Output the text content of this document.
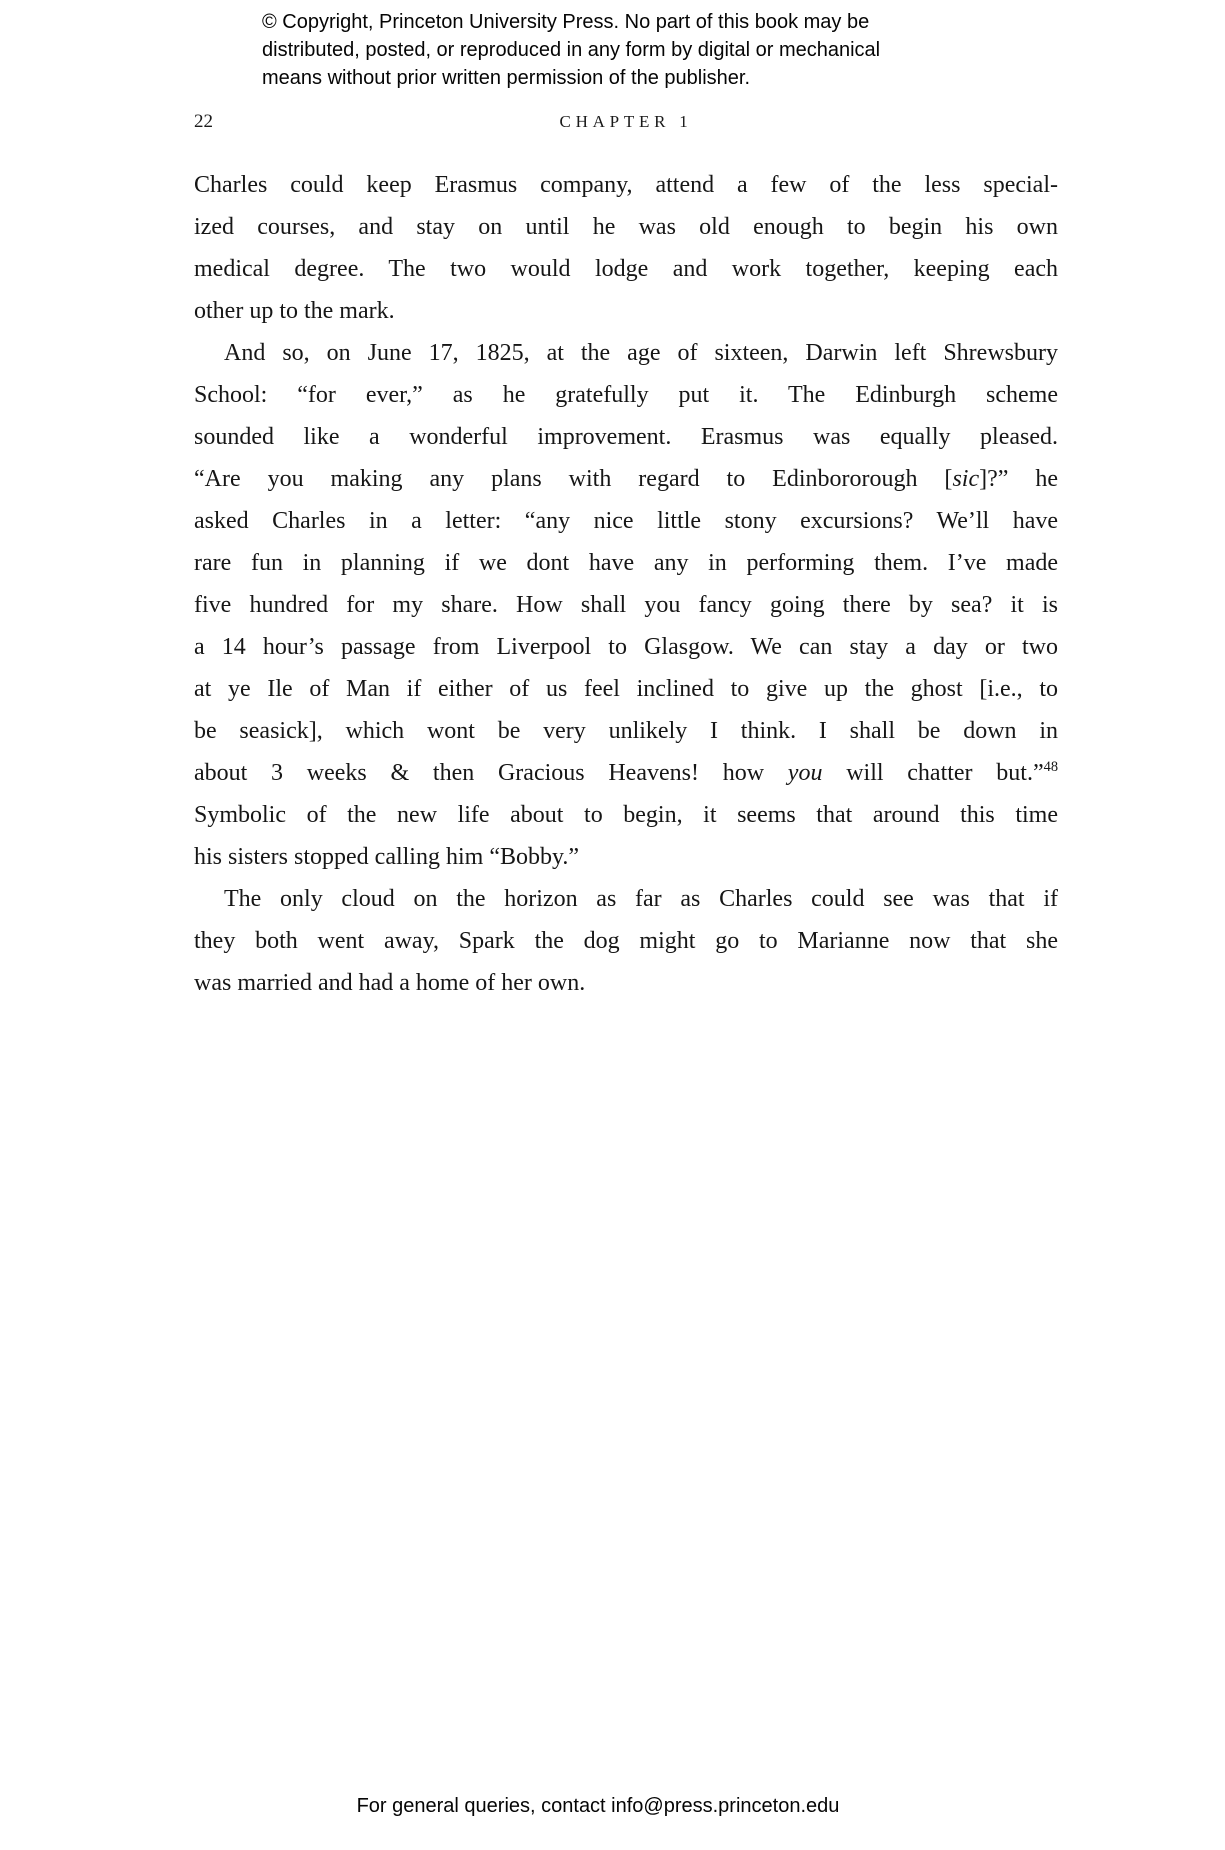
© Copyright, Princeton University Press. No part of this book may be
distributed, posted, or reproduced in any form by digital or mechanical
means without prior written permission of the publisher.
22	CHAPTER 1
Charles could keep Erasmus company, attend a few of the less special-
ized courses, and stay on until he was old enough to begin his own
medical degree. The two would lodge and work together, keeping each
other up to the mark.
And so, on June 17, 1825, at the age of sixteen, Darwin left Shrewsbury
School: “for ever,” as he gratefully put it. The Edinburgh scheme
sounded like a wonderful improvement. Erasmus was equally pleased.
“Are you making any plans with regard to Edinbororough [sic]?” he
asked Charles in a letter: “any nice little stony excursions? We’ll have
rare fun in planning if we dont have any in performing them. I’ve made
five hundred for my share. How shall you fancy going there by sea? it is
a 14 hour’s passage from Liverpool to Glasgow. We can stay a day or two
at ye Ile of Man if either of us feel inclined to give up the ghost [i.e., to
be seasick], which wont be very unlikely I think. I shall be down in
about 3 weeks & then Gracious Heavens! how you will chatter but.”$^{48}$
Symbolic of the new life about to begin, it seems that around this time
his sisters stopped calling him “Bobby.”
The only cloud on the horizon as far as Charles could see was that if
they both went away, Spark the dog might go to Marianne now that she
was married and had a home of her own.
For general queries, contact info@press.princeton.edu
